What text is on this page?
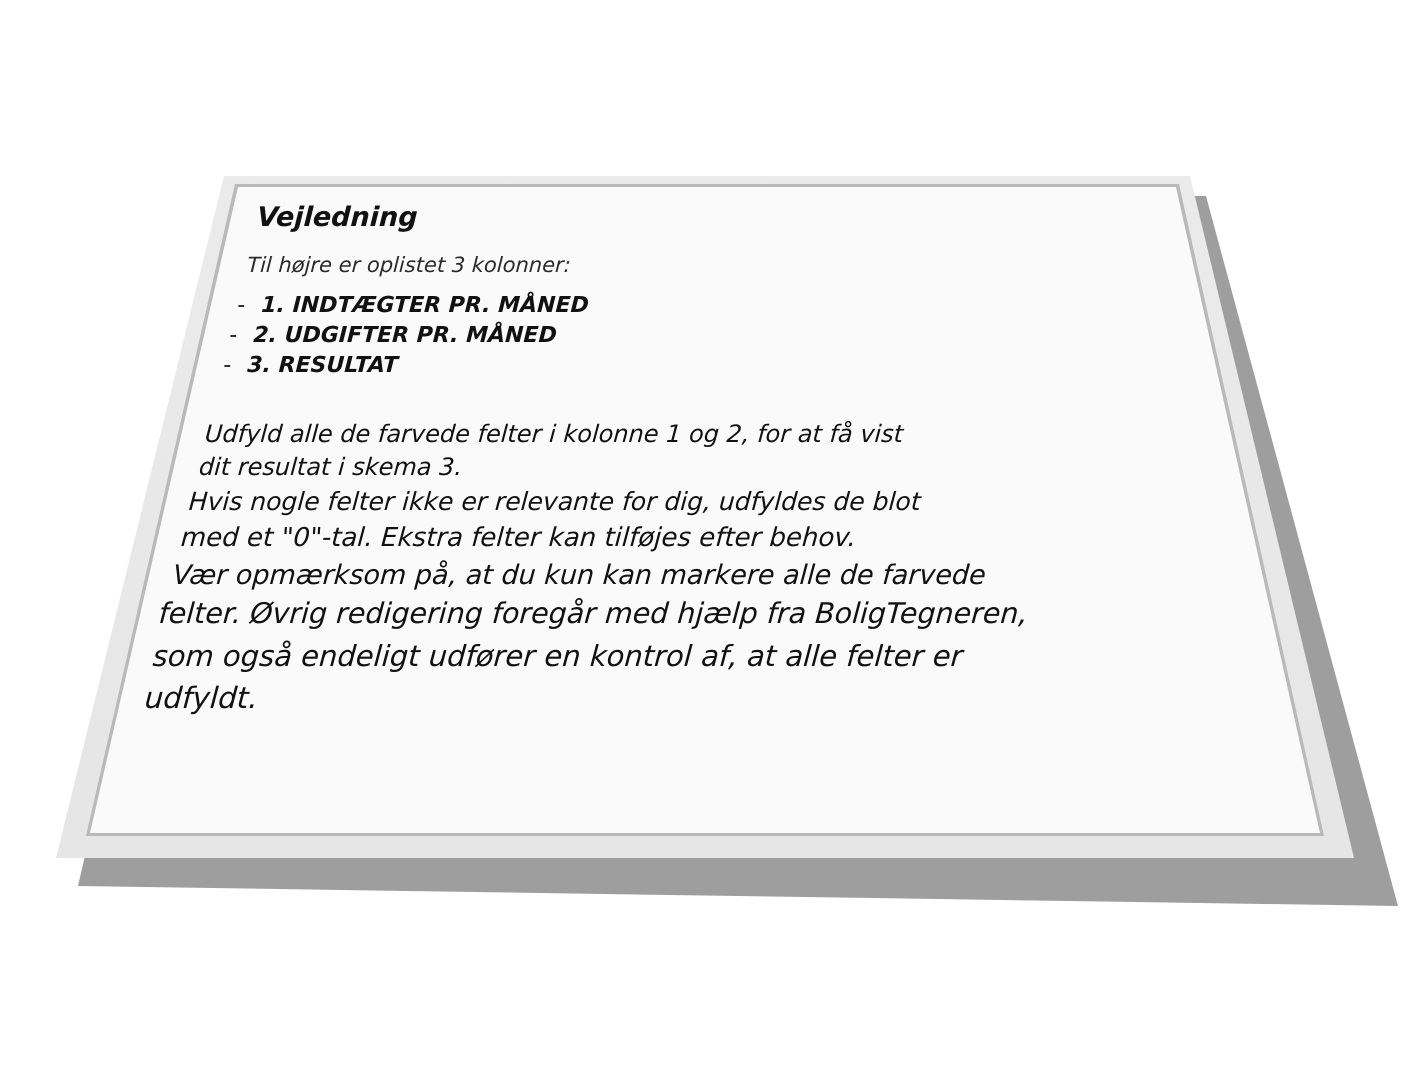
Vejledning

Til højre er oplistet 3 kolonner:

- 1. INDTÆGTER PR. MÅNED
- 2. UDGIFTER PR. MÅNED
- 3. RESULTAT

Udfyld alle de farvede felter i kolonne 1 og 2, for at få vist

dit resultat i skema 3.

Hvis nogle felter ikke er relevante for dig, udfyldes de blot

med et "0"-tal. Ekstra felter kan tilføjes efter behov.

Vær opmærksom på, at du kun kan markere alle de farvede

felter. Øvrig redigering foregår med hjælp fra BoligTegneren,

som også endeligt udfører en kontrol af, at alle felter er

udfyldt.
